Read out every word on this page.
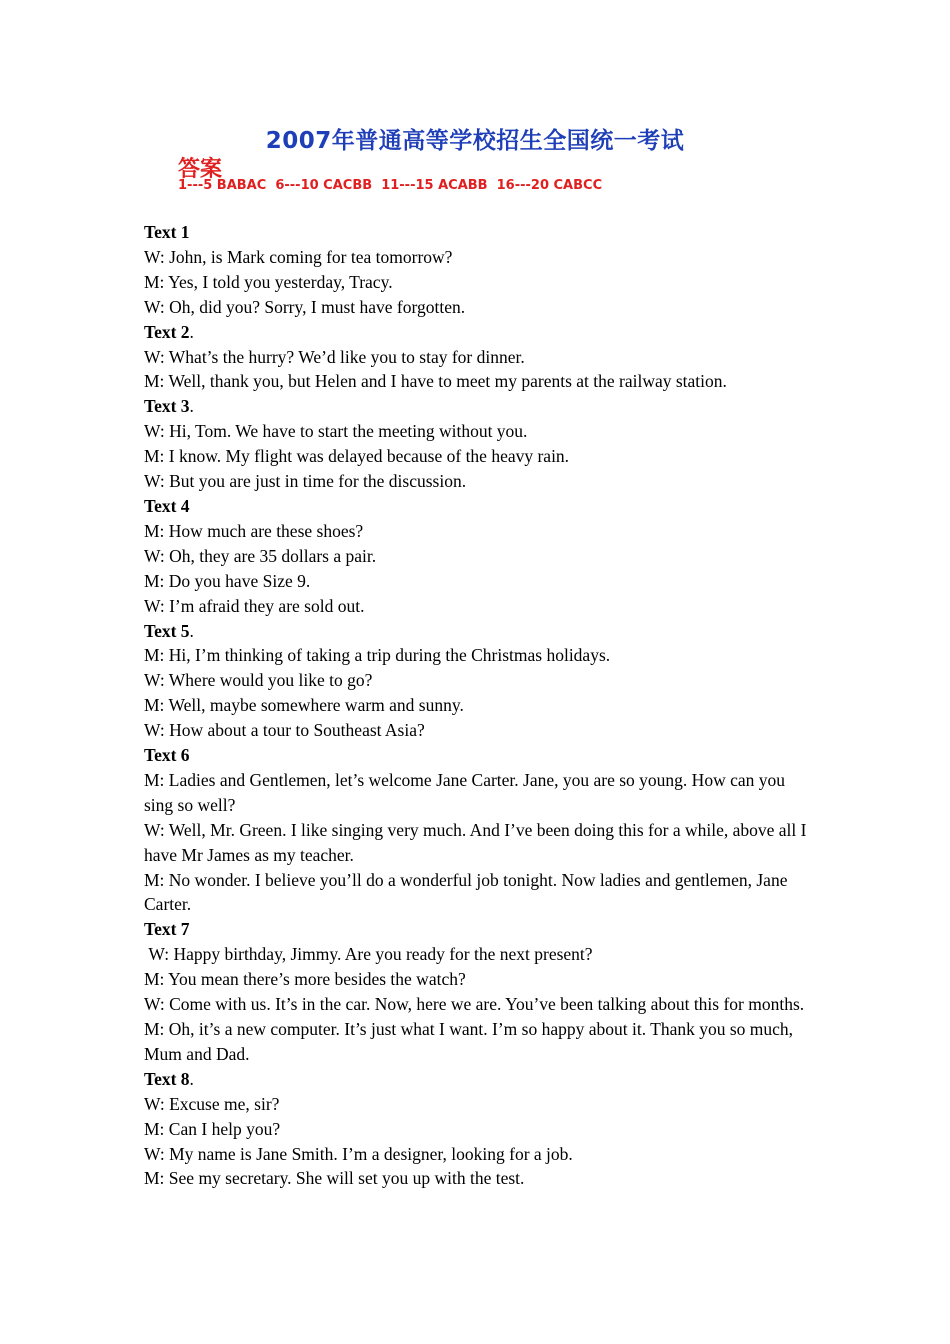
2007年普通高等学校招生全国统一考试
答案
1---5 BABAC  6---10 CACBB  11---15 ACABB  16---20 CABCC

Text 1

W: John, is Mark coming for tea tomorrow?

M: Yes, I told you yesterday, Tracy.

W: Oh, did you? Sorry, I must have forgotten.

Text 2.

W: What’s the hurry? We’d like you to stay for dinner.

M: Well, thank you, but Helen and I have to meet my parents at the railway station.

Text 3.

W: Hi, Tom. We have to start the meeting without you.

M: I know. My flight was delayed because of the heavy rain.

W: But you are just in time for the discussion.

Text 4

M: How much are these shoes?

W: Oh, they are 35 dollars a pair.

M: Do you have Size 9.

W: I’m afraid they are sold out.

Text 5.

M: Hi, I’m thinking of taking a trip during the Christmas holidays.

W: Where would you like to go?

M: Well, maybe somewhere warm and sunny.

W: How about a tour to Southeast Asia?

Text 6

M: Ladies and Gentlemen, let’s welcome Jane Carter. Jane, you are so young. How can you sing so well?

W: Well, Mr. Green. I like singing very much. And I’ve been doing this for a while, above all I have Mr James as my teacher.

M: No wonder. I believe you’ll do a wonderful job tonight. Now ladies and gentlemen, Jane Carter.

Text 7

W: Happy birthday, Jimmy. Are you ready for the next present?

M: You mean there’s more besides the watch?

W: Come with us. It’s in the car. Now, here we are. You’ve been talking about this for months.

M: Oh, it’s a new computer. It’s just what I want. I’m so happy about it. Thank you so much, Mum and Dad.

Text 8.

W: Excuse me, sir?

M: Can I help you?

W: My name is Jane Smith. I’m a designer, looking for a job.

M: See my secretary. She will set you up with the test.
